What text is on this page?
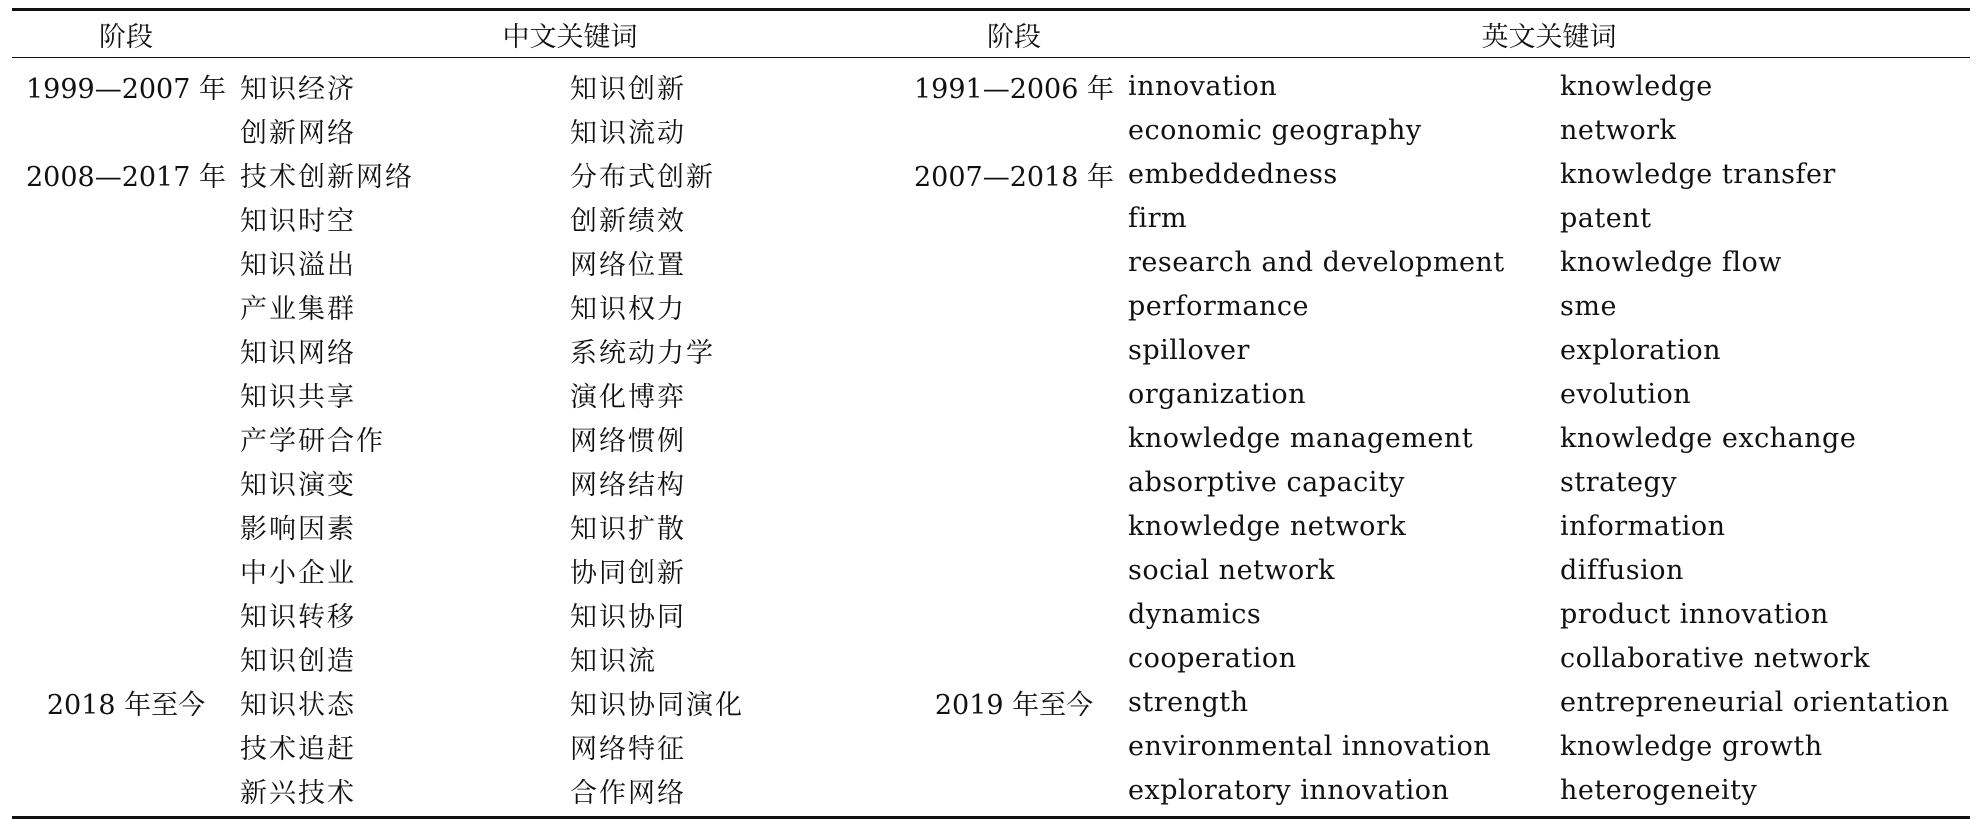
阶段	中文关键词		阶段	英文关键词	
1999—2007 年	知识经济	知识创新	1991—2006 年	innovation	knowledge
	创新网络	知识流动		economic geography	network
2008—2017 年	技术创新网络	分布式创新	2007—2018 年	embeddedness	knowledge transfer
	知识时空	创新绩效		firm	patent
	知识溢出	网络位置		research and development	knowledge flow
	产业集群	知识权力		performance	sme
	知识网络	系统动力学		spillover	exploration
	知识共享	演化博弈		organization	evolution
	产学研合作	网络惯例		knowledge management	knowledge exchange
	知识演变	网络结构		absorptive capacity	strategy
	影响因素	知识扩散		knowledge network	information
	中小企业	协同创新		social network	diffusion
	知识转移	知识协同		dynamics	product innovation
	知识创造	知识流		cooperation	collaborative network
2018 年至今	知识状态	知识协同演化	2019 年至今	strength	entrepreneurial orientation
	技术追赶	网络特征		environmental innovation	knowledge growth
	新兴技术	合作网络		exploratory innovation	heterogeneity
